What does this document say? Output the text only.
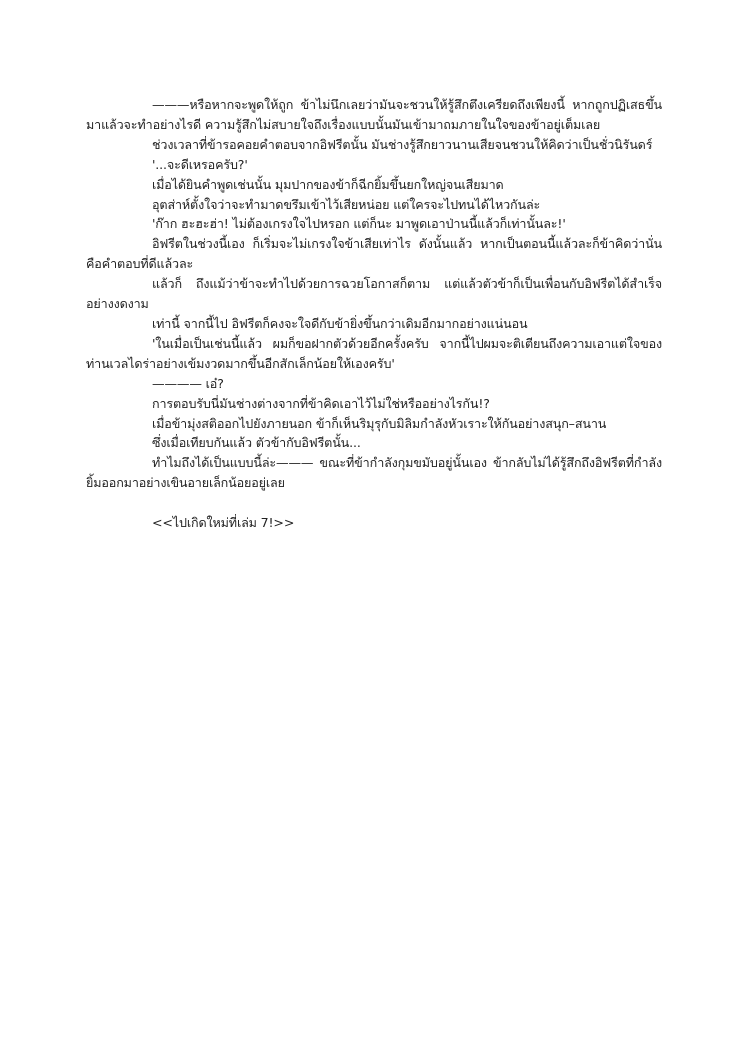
———หรือหากจะพูดให้ถูก ข้าไม่นึกเลยว่ามันจะชวนให้รู้สึกตึงเครียดถึงเพียงนี้ หากถูกปฏิเสธขึ้นมาแล้วจะทำอย่างไรดี ความรู้สึกไม่สบายใจถึงเรื่องแบบนั้นมันเข้ามาถมภายในใจของข้าอยู่เต็มเลย

ช่วงเวลาที่ข้ารอคอยคำตอบจากอิฟรีตนั้น มันช่างรู้สึกยาวนานเสียจนชวนให้คิดว่าเป็นชั่วนิรันดร์

'...จะดีเหรอครับ?'

เมื่อได้ยินคำพูดเช่นนั้น มุมปากของข้าก็ฉีกยิ้มขึ้นยกใหญ่จนเสียมาด

อุตส่าห์ตั้งใจว่าจะทำมาดขรึมเข้าไว้เสียหน่อย แต่ใครจะไปทนได้ไหวกันล่ะ

'ก๊าก ฮะฮะฮ่า! ไม่ต้องเกรงใจไปหรอก แต่ก็นะ มาพูดเอาป่านนี้แล้วก็เท่านั้นละ!'

อิฟรีตในช่วงนี้เอง ก็เริ่มจะไม่เกรงใจข้าเสียเท่าไร ดังนั้นแล้ว หากเป็นตอนนี้แล้วละก็ข้าคิดว่านั่นคือคำตอบที่ดีแล้วละ

แล้วก็ ถึงแม้ว่าข้าจะทำไปด้วยการฉวยโอกาสก็ตาม แต่แล้วตัวข้าก็เป็นเพื่อนกับอิฟรีตได้สำเร็จอย่างงดงาม

เท่านี้ จากนี้ไป อิฟรีตก็คงจะใจดีกับข้ายิ่งขึ้นกว่าเดิมอีกมากอย่างแน่นอน

'ในเมื่อเป็นเช่นนี้แล้ว ผมก็ขอฝากตัวด้วยอีกครั้งครับ จากนี้ไปผมจะติเตียนถึงความเอาแต่ใจของท่านเวลไดร่าอย่างเข้มงวดมากขึ้นอีกสักเล็กน้อยให้เองครับ'

———— เอ๋?

การตอบรับนี่มันช่างต่างจากที่ข้าคิดเอาไว้ไม่ใช่หรืออย่างไรกัน!?

เมื่อข้ามุ่งสติออกไปยังภายนอก ข้าก็เห็นริมุรุกับมิลิมกำลังหัวเราะให้กันอย่างสนุก–สนาน

ซึ่งเมื่อเทียบกันแล้ว ตัวข้ากับอิฟรีตนั้น...

ทำไมถึงได้เป็นแบบนี้ล่ะ——— ขณะที่ข้ากำลังกุมขมับอยู่นั้นเอง ข้ากลับไม่ได้รู้สึกถึงอิฟรีตที่กำลังยิ้มออกมาอย่างเขินอายเล็กน้อยอยู่เลย

<<ไปเกิดใหม่ที่เล่ม 7!>>
